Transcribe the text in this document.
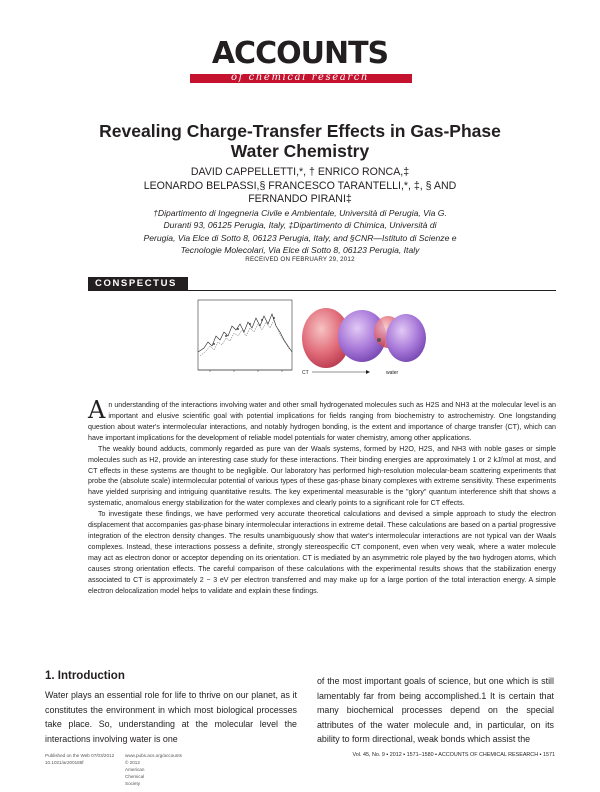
ACCOUNTS
of chemical research
Revealing Charge-Transfer Effects in Gas-Phase
Water Chemistry
DAVID CAPPELLETTI,*, † ENRICO RONCA,‡
LEONARDO BELPASSI,§ FRANCESCO TARANTELLI,*, ‡, § AND
FERNANDO PIRANI‡
†Dipartimento di Ingegneria Civile e Ambientale, Università di Perugia, Via G.
Duranti 93, 06125 Perugia, Italy, ‡Dipartimento di Chimica, Università di
Perugia, Via Elce di Sotto 8, 06123 Perugia, Italy, and §CNR—Istituto di Scienze e
Tecnologie Molecolari, Via Elce di Sotto 8, 06123 Perugia, Italy
RECEIVED ON FEBRUARY 29, 2012
CONSPECTUS
CT	water

An understanding of the interactions involving water and other small hydrogenated molecules such as H2S and NH3 at the molecular level is an important and elusive scientific goal with potential implications for fields ranging from biochemistry to astrochemistry. One longstanding question about water's intermolecular interactions, and notably hydrogen bonding, is the extent and importance of charge transfer (CT), which can have important implications for the development of reliable model potentials for water chemistry, among other applications.

The weakly bound adducts, commonly regarded as pure van der Waals systems, formed by H2O, H2S, and NH3 with noble gases or simple molecules such as H2, provide an interesting case study for these interactions. Their binding energies are approximately 1 or 2 kJ/mol at most, and CT effects in these systems are thought to be negligible. Our laboratory has performed high-resolution molecular-beam scattering experiments that probe the (absolute scale) intermolecular potential of various types of these gas-phase binary complexes with extreme sensitivity. These experiments have yielded surprising and intriguing quantitative results. The key experimental measurable is the "glory" quantum interference shift that shows a systematic, anomalous energy stabilization for the water complexes and clearly points to a significant role for CT effects.

To investigate these findings, we have performed very accurate theoretical calculations and devised a simple approach to study the electron displacement that accompanies gas-phase binary intermolecular interactions in extreme detail. These calculations are based on a partial progressive integration of the electron density changes. The results unambiguously show that water's intermolecular interactions are not typical van der Waals complexes. Instead, these interactions possess a definite, strongly stereospecific CT component, even when very weak, where a water molecule may act as electron donor or acceptor depending on its orientation. CT is mediated by an asymmetric role played by the two hydrogen atoms, which causes strong orientation effects. The careful comparison of these calculations with the experimental results shows that the stabilization energy associated to CT is approximately 2 − 3 eV per electron transferred and may make up for a large portion of the total interaction energy. A simple electron delocalization model helps to validate and explain these findings.

1. Introduction
Water plays an essential role for life to thrive on our planet, as it constitutes the environment in which most biological processes take place. So, understanding at the molecular level the interactions involving water is one
of the most important goals of science, but one which is still lamentably far from being accomplished.1 It is certain that many biochemical processes depend on the special attributes of the water molecule and, in particular, on its ability to form directional, weak bonds which assist the
Published on the Web 07/03/2012 www.pubs.acs.org/accounts
10.1021/ar200185f	© 2012 American Chemical Society
Vol. 45, No. 9 ▪ 2012 ▪ 1571–1580 ▪ ACCOUNTS OF CHEMICAL RESEARCH ▪ 1571
